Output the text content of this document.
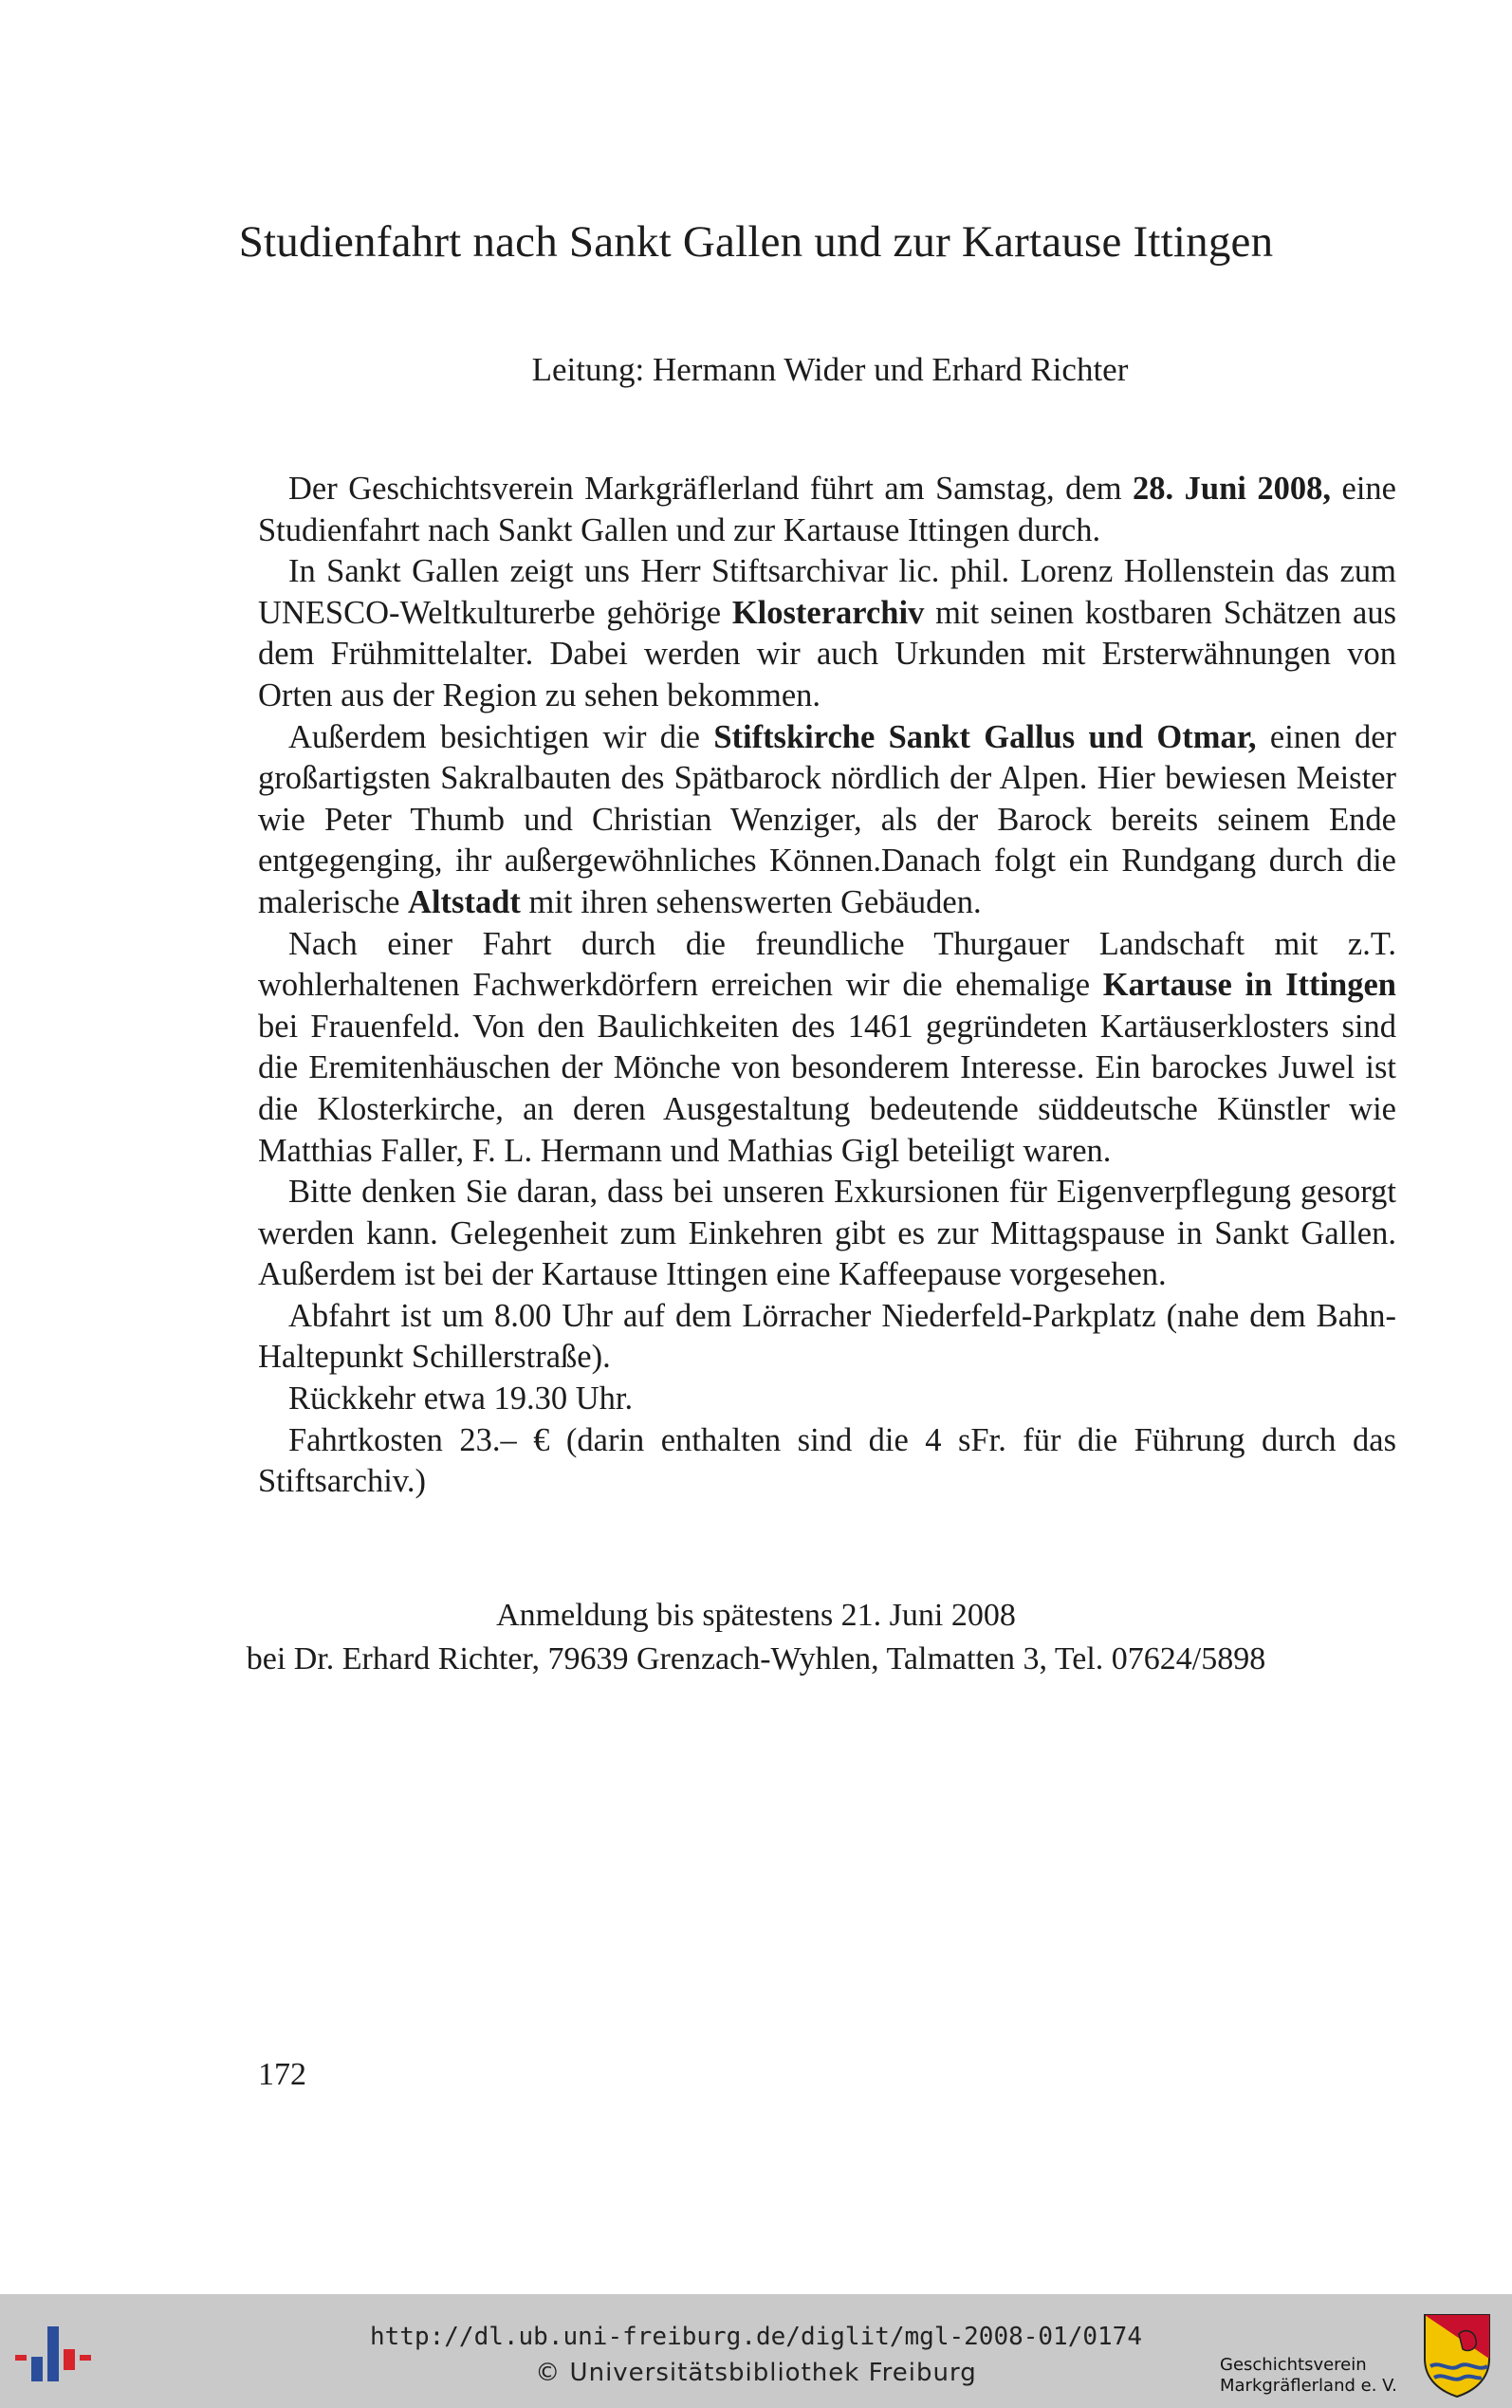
Studienfahrt nach Sankt Gallen und zur Kartause Ittingen
Leitung: Hermann Wider und Erhard Richter

Der Geschichtsverein Markgräflerland führt am Samstag, dem 28. Juni 2008, eine Studienfahrt nach Sankt Gallen und zur Kartause Ittingen durch.

In Sankt Gallen zeigt uns Herr Stiftsarchivar lic. phil. Lorenz Hollenstein das zum UNESCO-Weltkulturerbe gehörige Klosterarchiv mit seinen kostbaren Schätzen aus dem Frühmittelalter. Dabei werden wir auch Urkunden mit Ersterwähnungen von Orten aus der Region zu sehen bekommen.

Außerdem besichtigen wir die Stiftskirche Sankt Gallus und Otmar, einen der großartigsten Sakralbauten des Spätbarock nördlich der Alpen. Hier bewiesen Meister wie Peter Thumb und Christian Wenziger, als der Barock bereits seinem Ende entgegenging, ihr außergewöhnliches Können.Danach folgt ein Rundgang durch die malerische Altstadt mit ihren sehenswerten Gebäuden.

Nach einer Fahrt durch die freundliche Thurgauer Landschaft mit z.T. wohlerhaltenen Fachwerkdörfern erreichen wir die ehemalige Kartause in Ittingen bei Frauenfeld. Von den Baulichkeiten des 1461 gegründeten Kartäuserklosters sind die Eremitenhäuschen der Mönche von besonderem Interesse. Ein barockes Juwel ist die Klosterkirche, an deren Ausgestaltung bedeutende süddeutsche Künstler wie Matthias Faller, F. L. Hermann und Mathias Gigl beteiligt waren.

Bitte denken Sie daran, dass bei unseren Exkursionen für Eigenverpflegung gesorgt werden kann. Gelegenheit zum Einkehren gibt es zur Mittagspause in Sankt Gallen. Außerdem ist bei der Kartause Ittingen eine Kaffeepause vorgesehen.

Abfahrt ist um 8.00 Uhr auf dem Lörracher Niederfeld-Parkplatz (nahe dem Bahn-Haltepunkt Schillerstraße).

Rückkehr etwa 19.30 Uhr.

Fahrtkosten 23.– € (darin enthalten sind die 4 sFr. für die Führung durch das Stiftsarchiv.)

Anmeldung bis spätestens 21. Juni 2008
bei Dr. Erhard Richter, 79639 Grenzach-Wyhlen, Talmatten 3, Tel. 07624/5898
172
http://dl.ub.uni-freiburg.de/diglit/mgl-2008-01/0174
© Universitätsbibliothek Freiburg	Geschichtsverein
Markgräflerland e. V.
